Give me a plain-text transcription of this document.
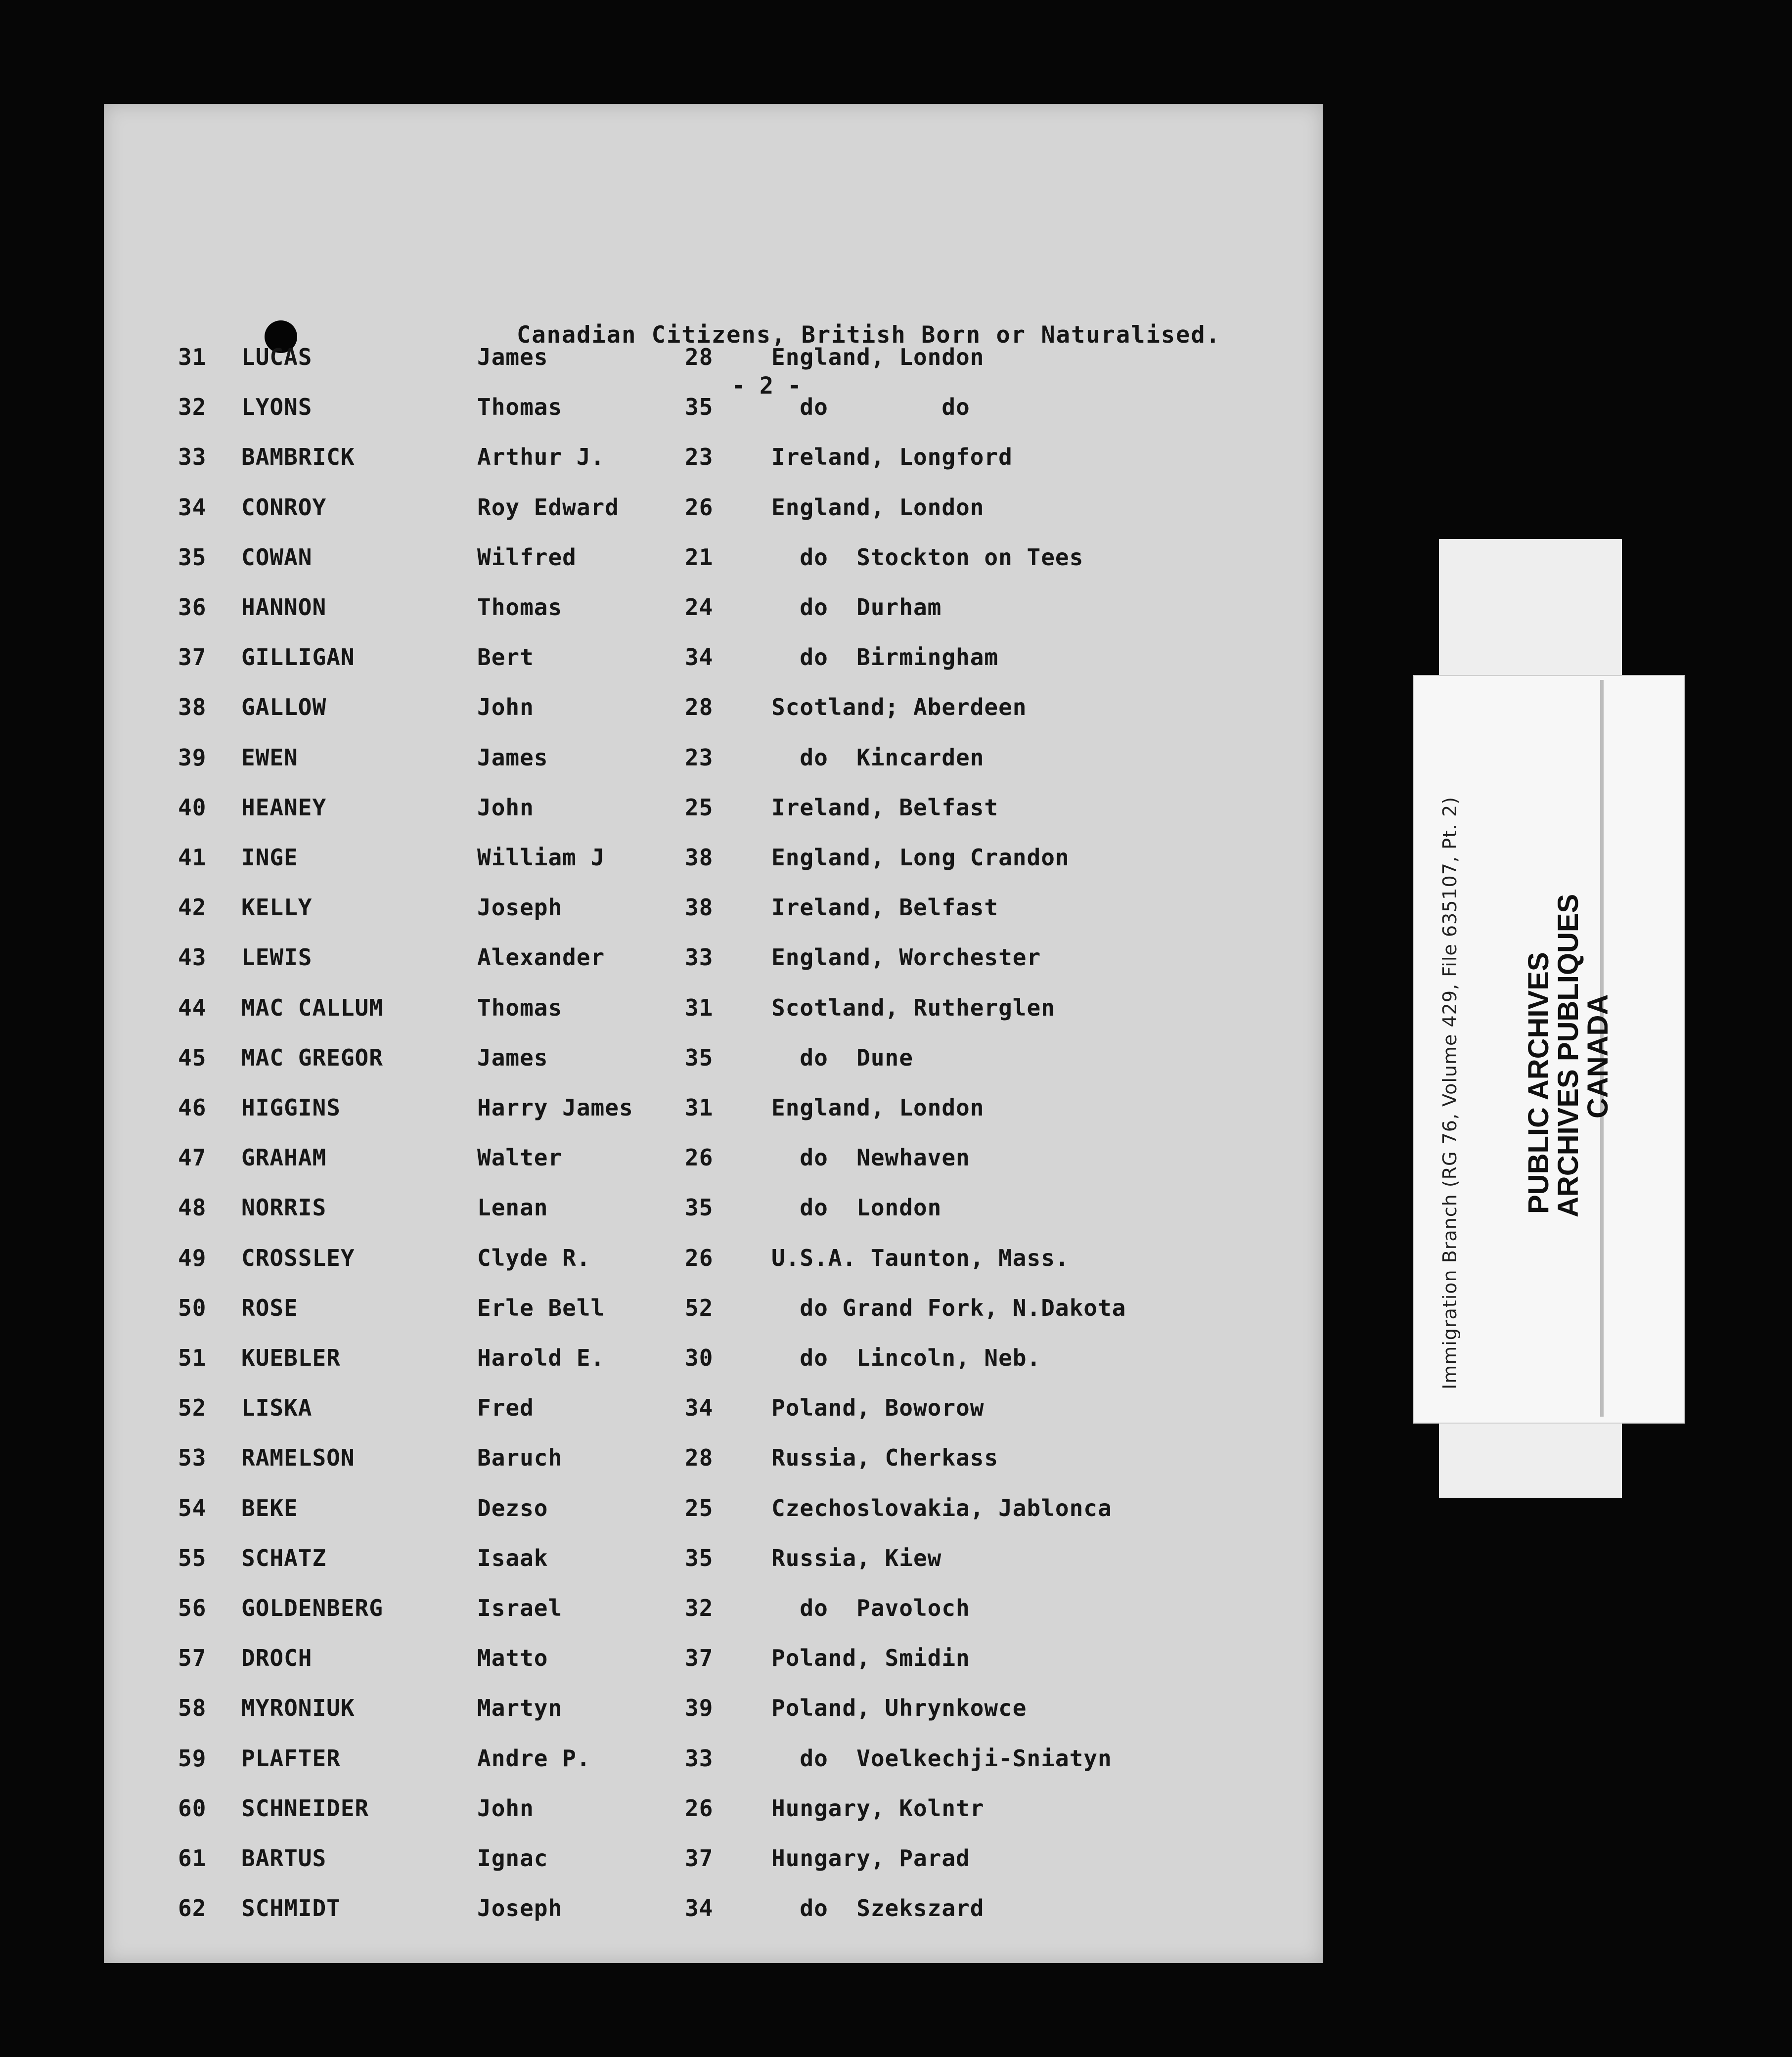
Canadian Citizens, British Born or Naturalised.
- 2 -
31 LUCAS	James	28	England, London
32 LYONS	Thomas	35	do        do
33 BAMBRICK	Arthur J.	23	Ireland, Longford
34 CONROY	Roy Edward	26	England, London
35 COWAN	Wilfred	21	do  Stockton on Tees
36 HANNON	Thomas	24	do  Durham
37 GILLIGAN	Bert	34	do  Birmingham
38 GALLOW	John	28	Scotland; Aberdeen
39 EWEN	James	23	do  Kincarden
40 HEANEY	John	25	Ireland, Belfast
41 INGE	William J	38	England, Long Crandon
42 KELLY	Joseph	38	Ireland, Belfast
43 LEWIS	Alexander	33	England, Worchester
44 MAC CALLUM	Thomas	31	Scotland, Rutherglen
45 MAC GREGOR	James	35	do  Dune
46 HIGGINS	Harry James 31	England, London
47 GRAHAM	Walter	26	do  Newhaven
48 NORRIS	Lenan	35	do  London
49 CROSSLEY	Clyde R.	26	U.S.A. Taunton, Mass.
50 ROSE	Erle Bell	52	do Grand Fork, N.Dakota
51 KUEBLER	Harold E.	30	do  Lincoln, Neb.
52 LISKA	Fred	34	Poland, Boworow
53 RAMELSON	Baruch	28	Russia, Cherkass
54 BEKE	Dezso	25	Czechoslovakia, Jablonca
55 SCHATZ	Isaak	35	Russia, Kiew
56 GOLDENBERG	Israel	32	do  Pavoloch
57 DROCH	Matto	37	Poland, Smidin
58 MYRONIUK	Martyn	39	Poland, Uhrynkowce
59 PLAFTER	Andre P.	33	do  Voelkechji-Sniatyn
60 SCHNEIDER	John	26	Hungary, Kolntr
61 BARTUS	Ignac	37	Hungary, Parad
62 SCHMIDT	Joseph	34	do  Szekszard
Immigration Branch (RG 76, Volume 429, File 635107, Pt. 2) PUBLIC ARCHIVES
ARCHIVES PUBLIQUES
CANADA
